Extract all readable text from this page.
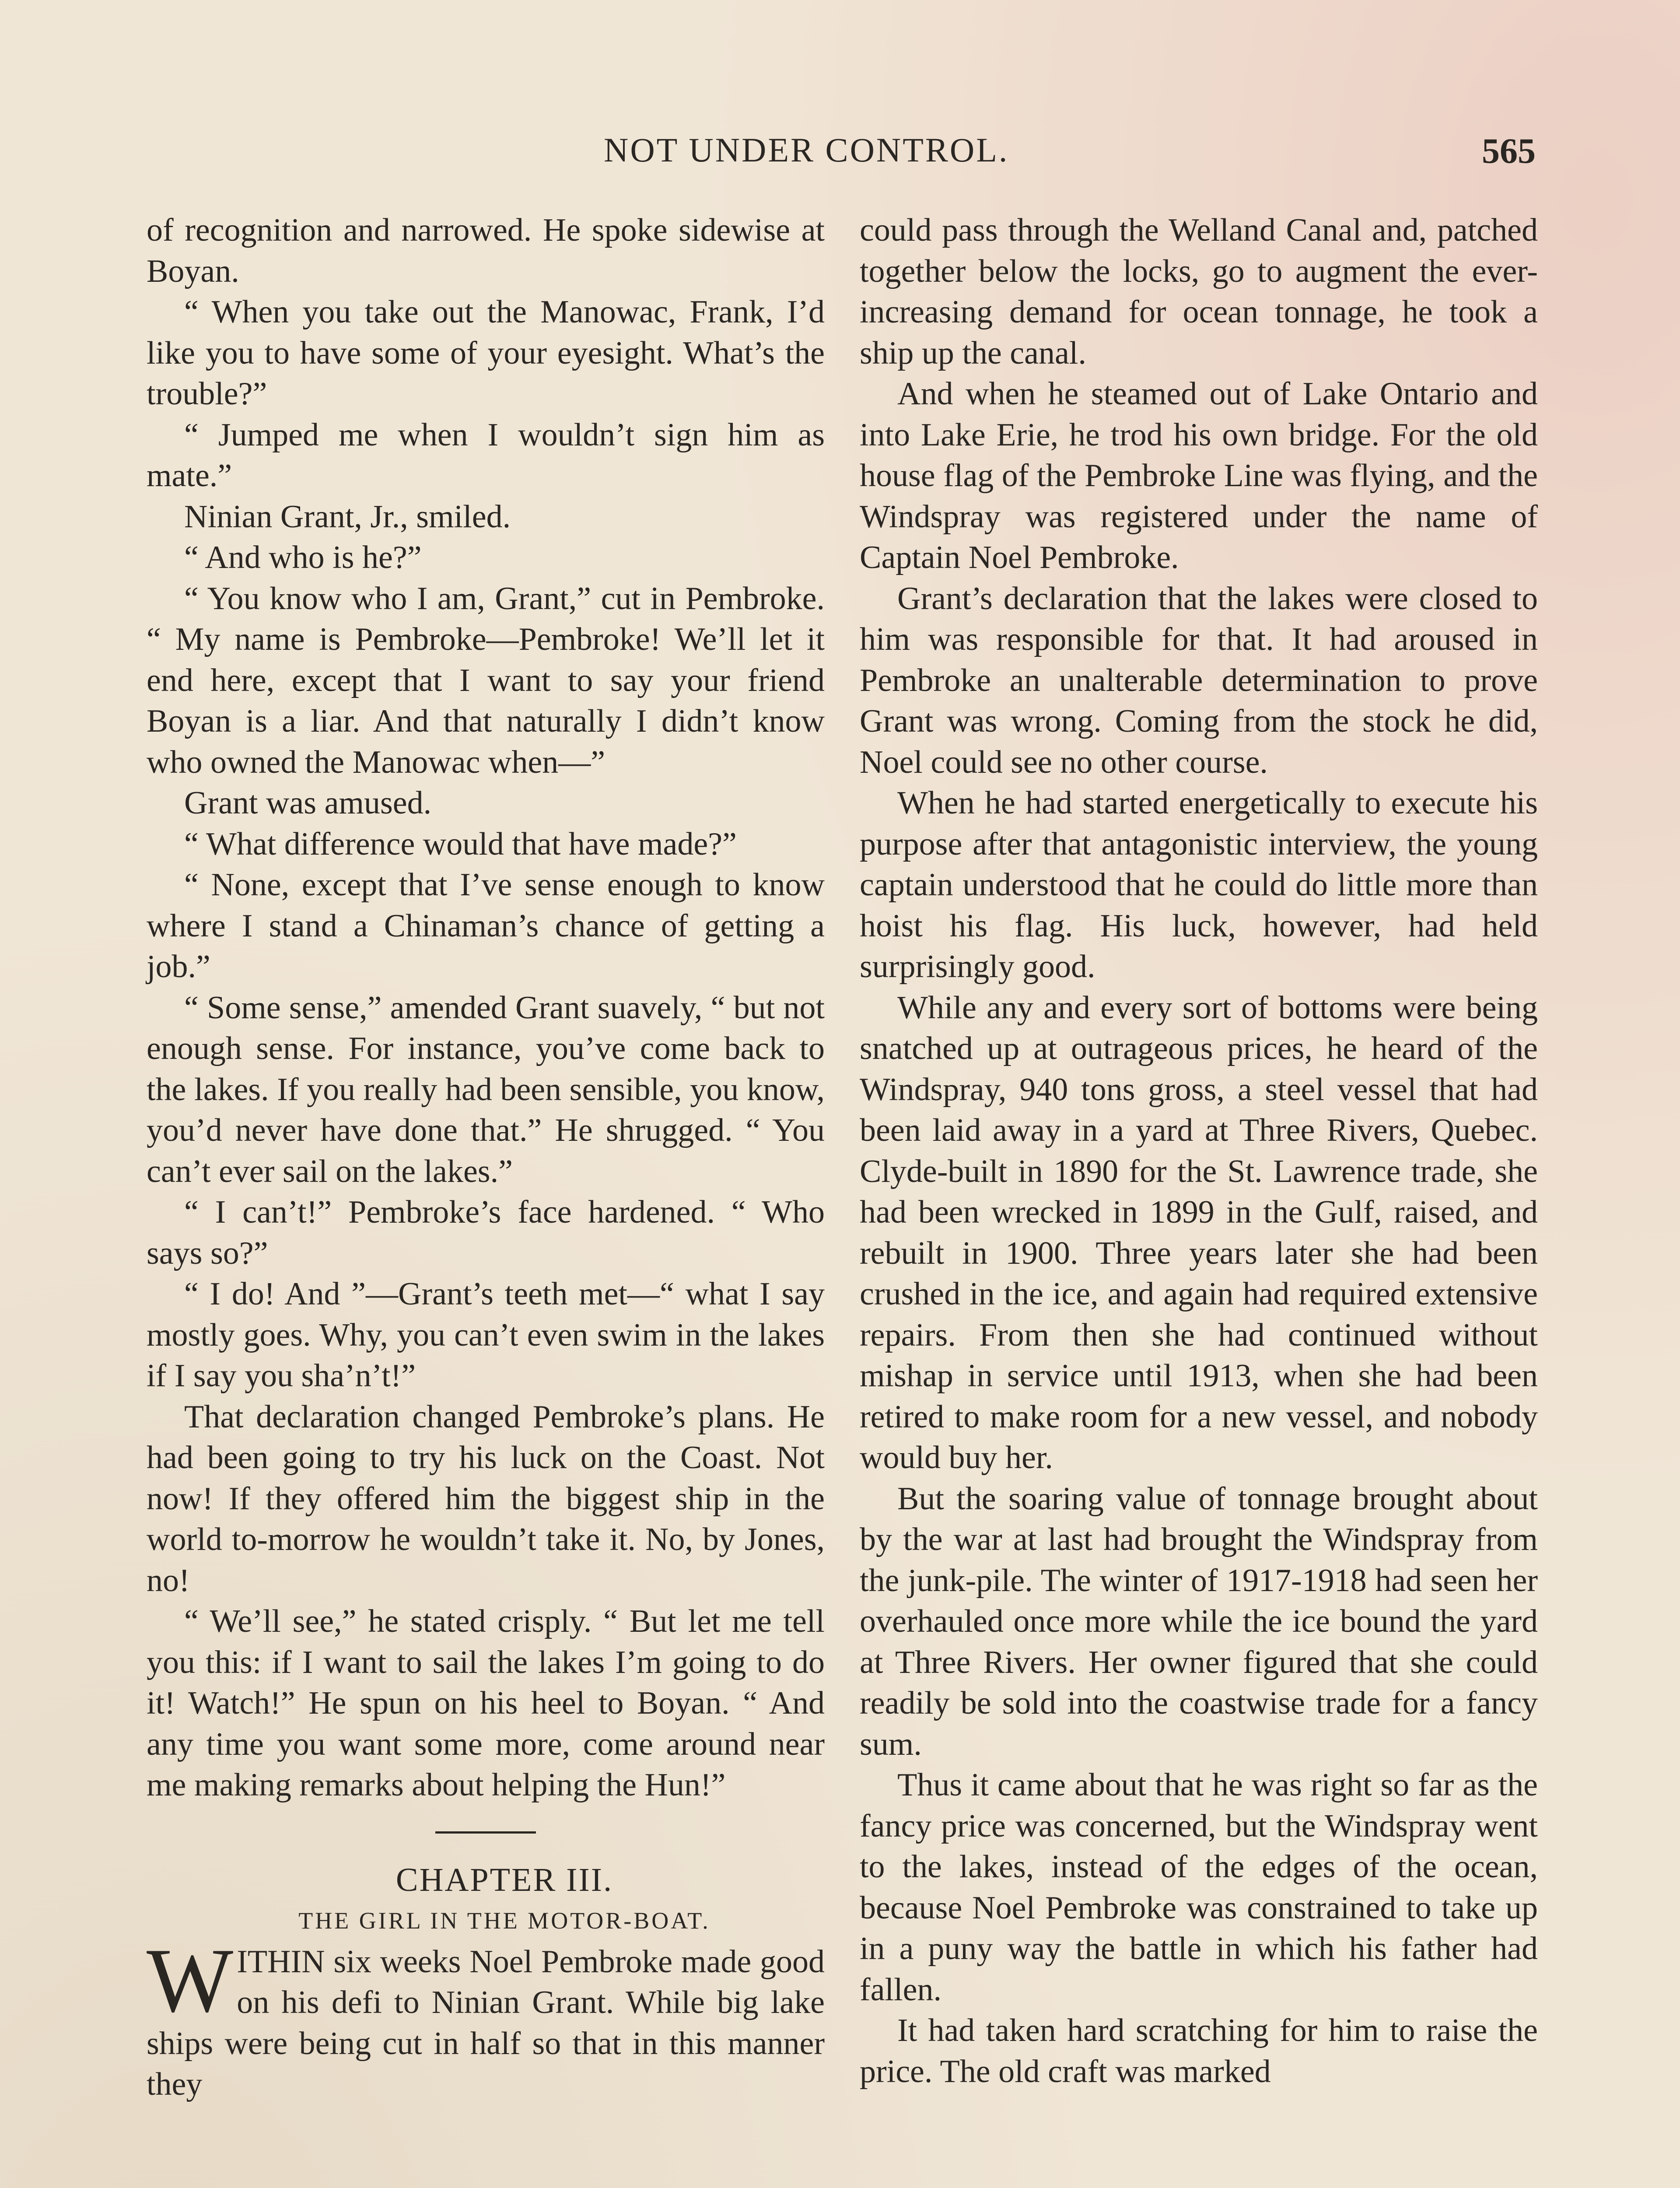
NOT UNDER CONTROL.	565

of recognition and narrowed. He spoke sidewise at Boyan.

“ When you take out the Manowac, Frank, I’d like you to have some of your eyesight. What’s the trouble?”

“ Jumped me when I wouldn’t sign him as mate.”

Ninian Grant, Jr., smiled.

“ And who is he?”

“ You know who I am, Grant,” cut in Pembroke. “ My name is Pembroke—Pembroke! We’ll let it end here, except that I want to say your friend Boyan is a liar. And that naturally I didn’t know who owned the Manowac when—”

Grant was amused.

“ What difference would that have made?”

“ None, except that I’ve sense enough to know where I stand a Chinaman’s chance of getting a job.”

“ Some sense,” amended Grant suavely, “ but not enough sense. For instance, you’ve come back to the lakes. If you really had been sensible, you know, you’d never have done that.” He shrugged. “ You can’t ever sail on the lakes.”

“ I can’t!” Pembroke’s face hardened. “ Who says so?”

“ I do! And ”—Grant’s teeth met—“ what I say mostly goes. Why, you can’t even swim in the lakes if I say you sha’n’t!”

That declaration changed Pembroke’s plans. He had been going to try his luck on the Coast. Not now! If they offered him the biggest ship in the world to-morrow he wouldn’t take it. No, by Jones, no!

“ We’ll see,” he stated crisply. “ But let me tell you this: if I want to sail the lakes I’m going to do it! Watch!” He spun on his heel to Boyan. “ And any time you want some more, come around near me making remarks about helping the Hun!”

CHAPTER III.

THE GIRL IN THE MOTOR-BOAT.

WITHIN six weeks Noel Pembroke made good on his defi to Ninian Grant. While big lake ships were being cut in half so that in this manner they

could pass through the Welland Canal and, patched together below the locks, go to augment the ever-increasing demand for ocean tonnage, he took a ship up the canal.

And when he steamed out of Lake Ontario and into Lake Erie, he trod his own bridge. For the old house flag of the Pembroke Line was flying, and the Windspray was registered under the name of Captain Noel Pembroke.

Grant’s declaration that the lakes were closed to him was responsible for that. It had aroused in Pembroke an unalterable determination to prove Grant was wrong. Coming from the stock he did, Noel could see no other course.

When he had started energetically to execute his purpose after that antagonistic interview, the young captain understood that he could do little more than hoist his flag. His luck, however, had held surprisingly good.

While any and every sort of bottoms were being snatched up at outrageous prices, he heard of the Windspray, 940 tons gross, a steel vessel that had been laid away in a yard at Three Rivers, Quebec. Clyde-built in 1890 for the St. Lawrence trade, she had been wrecked in 1899 in the Gulf, raised, and rebuilt in 1900. Three years later she had been crushed in the ice, and again had required extensive repairs. From then she had continued without mishap in service until 1913, when she had been retired to make room for a new vessel, and nobody would buy her.

But the soaring value of tonnage brought about by the war at last had brought the Windspray from the junk-pile. The winter of 1917-1918 had seen her overhauled once more while the ice bound the yard at Three Rivers. Her owner figured that she could readily be sold into the coastwise trade for a fancy sum.

Thus it came about that he was right so far as the fancy price was concerned, but the Windspray went to the lakes, instead of the edges of the ocean, because Noel Pembroke was constrained to take up in a puny way the battle in which his father had fallen.

It had taken hard scratching for him to raise the price. The old craft was marked
